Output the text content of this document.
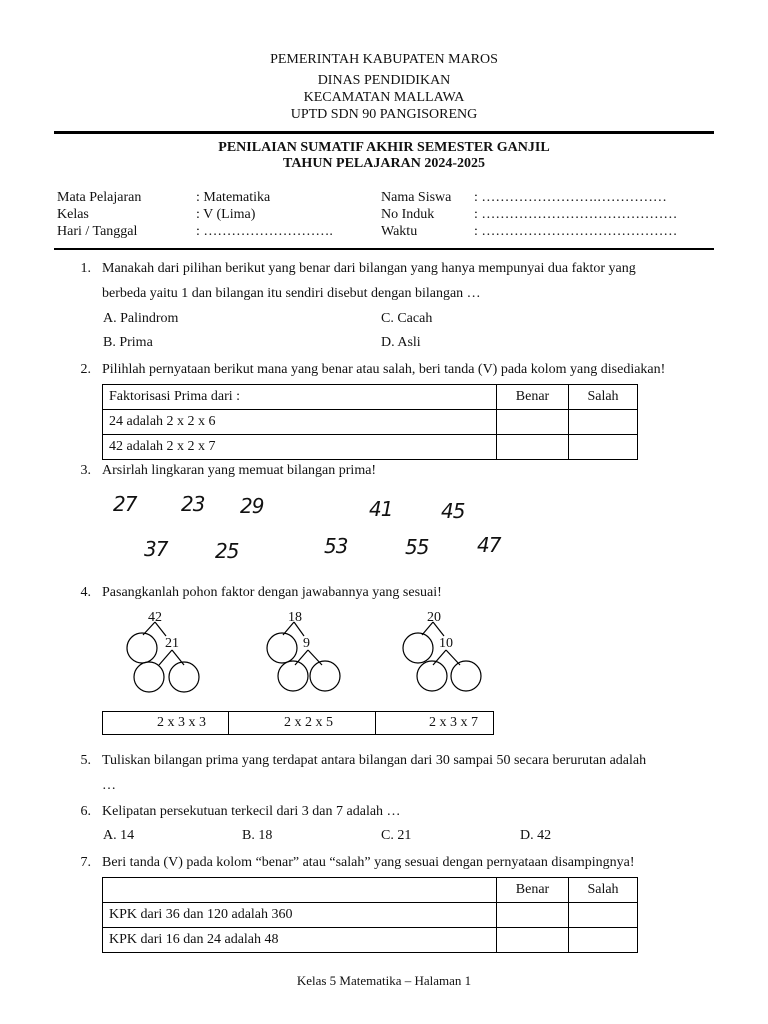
PEMERINTAH KABUPATEN MAROS
DINAS PENDIDIKAN
KECAMATAN MALLAWA
UPTD SDN 90 PANGISORENG
PENILAIAN SUMATIF AKHIR SEMESTER GANJIL
TAHUN PELAJARAN 2024-2025
Mata Pelajaran	: Matematika
Kelas	: V (Lima)
Hari / Tanggal	: ……………………….
Nama Siswa : …………………….……………
No Induk	: ……………………………………
Waktu	: ……………………………………
1. Manakah dari pilihan berikut yang benar dari bilangan yang hanya mempunyai dua faktor yang
berbeda yaitu 1 dan bilangan itu sendiri disebut dengan bilangan …
A. Palindrom
B. Prima
C. Cacah
D. Asli
2. Pilihlah pernyataan berikut mana yang benar atau salah, beri tanda (V) pada kolom yang disediakan!
Faktorisasi Prima dari :	Benar	Salah
24 adalah 2 x 2 x 6		
42 adalah 2 x 2 x 7		
3. Arsirlah lingkaran yang memuat bilangan prima!
27 23 29	41 45
37 25	53	55 47
4. Pasangkanlah pohon faktor dengan jawabannya yang sesuai!
42
21
18
9
20
10
2 x 3 x 3	2 x 2 x 5	2 x 3 x 7
5. Tuliskan bilangan prima yang terdapat antara bilangan dari 30 sampai 50 secara berurutan adalah
…
6. Kelipatan persekutuan terkecil dari 3 dan 7 adalah …
A. 14	B. 18	C. 21	D. 42
7. Beri tanda (V) pada kolom “benar” atau “salah” yang sesuai dengan pernyataan disampingnya!
	Benar	Salah
KPK dari 36 dan 120 adalah 360		
KPK dari 16 dan 24 adalah 48		
Kelas 5 Matematika – Halaman 1
